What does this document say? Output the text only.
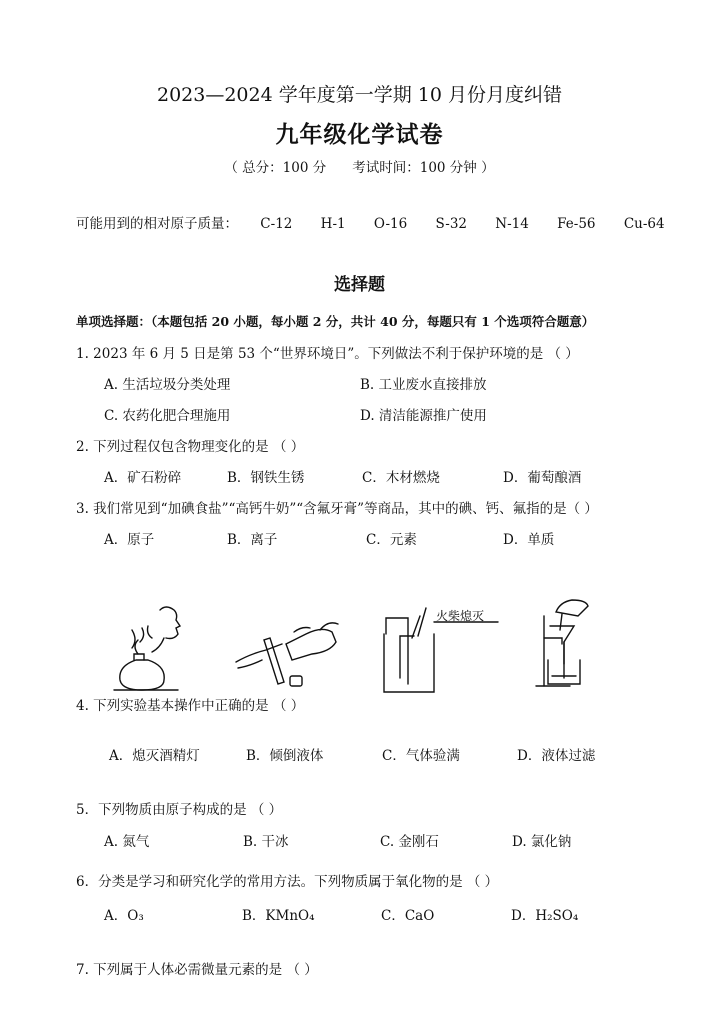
2023—2024 学年度第一学期 10 月份月度纠错
九年级化学试卷
（ 总分：100 分 考试时间：100 分钟 ）
可能用到的相对原子质量： C-12 H-1 O-16 S-32 N-14 Fe-56 Cu-64
选择题
单项选择题：（本题包括 20 小题，每小题 2 分，共计 40 分，每题只有 1 个选项符合题意）
1. 2023 年 6 月 5 日是第 53 个“世界环境日”。下列做法不利于保护环境的是 （ ）
A. 生活垃圾分类处理	B. 工业废水直接排放
C. 农药化肥合理施用	D. 清洁能源推广使用
2. 下列过程仅包含物理变化的是 （ ）
A．矿石粉碎	B．钢铁生锈	C．木材燃烧	D．葡萄酿酒
3. 我们常见到“加碘食盐”“高钙牛奶”“含氟牙膏”等商品，其中的碘、钙、氟指的是（ ）
A．原子	B．离子	C．元素	D．单质
火柴熄灭
4. 下列实验基本操作中正确的是 （ ）
A．熄灭酒精灯	B．倾倒液体	C．气体验满	D．液体过滤
5．下列物质由原子构成的是 （ ）
A. 氮气	B. 干冰	C. 金刚石	D. 氯化钠
6．分类是学习和研究化学的常用方法。下列物质属于氧化物的是 （ ）
A．O₃	B．KMnO₄	C．CaO	D．H₂SO₄
7. 下列属于人体必需微量元素的是 （ ）
